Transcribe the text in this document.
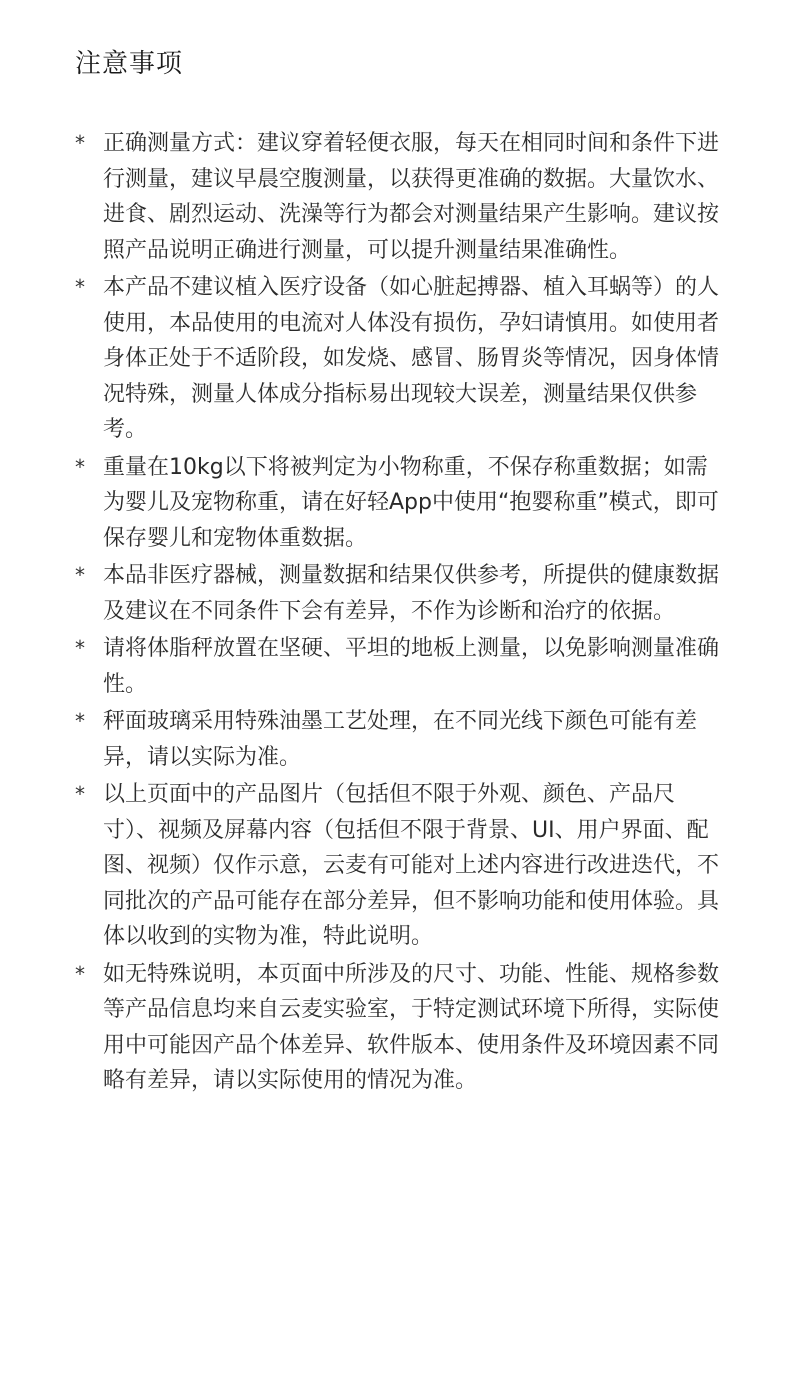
注意事项
* 正确测量方式：建议穿着轻便衣服，每天在相同时间和条件下进行测量，建议早晨空腹测量，以获得更准确的数据。大量饮水、进食、剧烈运动、洗澡等行为都会对测量结果产生影响。建议按照产品说明正确进行测量，可以提升测量结果准确性。
* 本产品不建议植入医疗设备（如心脏起搏器、植入耳蜗等）的人使用，本品使用的电流对人体没有损伤，孕妇请慎用。如使用者身体正处于不适阶段，如发烧、感冒、肠胃炎等情况，因身体情况特殊，测量人体成分指标易出现较大误差，测量结果仅供参考。
* 重量在10kg以下将被判定为小物称重，不保存称重数据；如需为婴儿及宠物称重，请在好轻App中使用“抱婴称重”模式，即可保存婴儿和宠物体重数据。
* 本品非医疗器械，测量数据和结果仅供参考，所提供的健康数据及建议在不同条件下会有差异，不作为诊断和治疗的依据。
* 请将体脂秤放置在坚硬、平坦的地板上测量，以免影响测量准确性。
* 秤面玻璃采用特殊油墨工艺处理，在不同光线下颜色可能有差异，请以实际为准。
* 以上页面中的产品图片（包括但不限于外观、颜色、产品尺寸）、视频及屏幕内容（包括但不限于背景、UI、用户界面、配图、视频）仅作示意，云麦有可能对上述内容进行改进迭代，不同批次的产品可能存在部分差异，但不影响功能和使用体验。具体以收到的实物为准，特此说明。
* 如无特殊说明，本页面中所涉及的尺寸、功能、性能、规格参数等产品信息均来自云麦实验室，于特定测试环境下所得，实际使用中可能因产品个体差异、软件版本、使用条件及环境因素不同略有差异，请以实际使用的情况为准。
